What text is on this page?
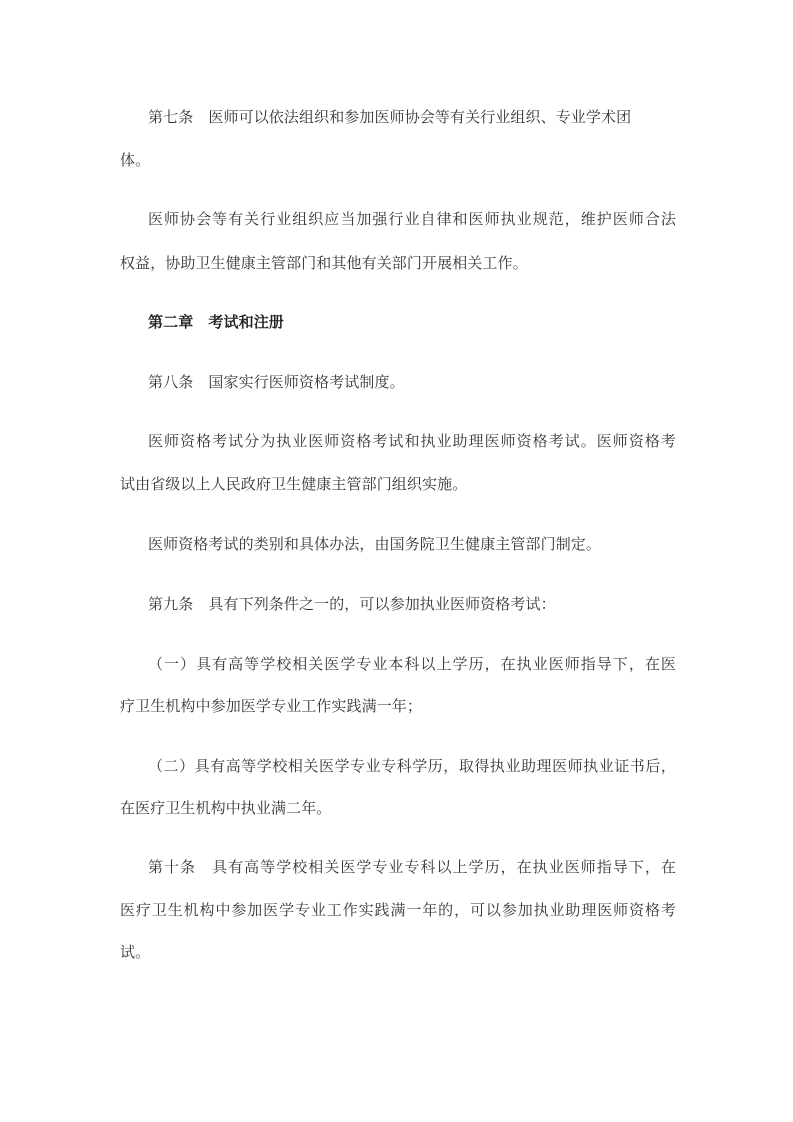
第七条　医师可以依法组织和参加医师协会等有关行业组织、专业学术团
体。
医师协会等有关行业组织应当加强行业自律和医师执业规范，维护医师合法
权益，协助卫生健康主管部门和其他有关部门开展相关工作。
第二章　考试和注册
第八条　国家实行医师资格考试制度。
医师资格考试分为执业医师资格考试和执业助理医师资格考试。医师资格考
试由省级以上人民政府卫生健康主管部门组织实施。
医师资格考试的类别和具体办法，由国务院卫生健康主管部门制定。
第九条　具有下列条件之一的，可以参加执业医师资格考试：
（一）具有高等学校相关医学专业本科以上学历，在执业医师指导下，在医
疗卫生机构中参加医学专业工作实践满一年；
（二）具有高等学校相关医学专业专科学历，取得执业助理医师执业证书后，
在医疗卫生机构中执业满二年。
第十条　具有高等学校相关医学专业专科以上学历，在执业医师指导下，在
医疗卫生机构中参加医学专业工作实践满一年的，可以参加执业助理医师资格考
试。
